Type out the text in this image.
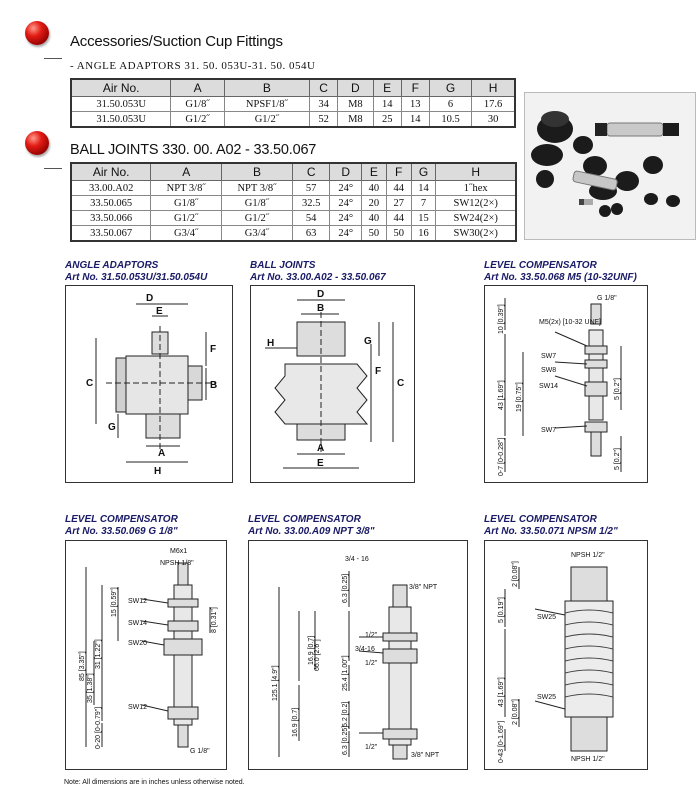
Accessories/Suction Cup Fittings
- ANGLE ADAPTORS 31. 50. 053U-31. 50. 054U
Air No.	A	B	C	D	E	F	G	H
31.50.053U	G1/8˝	NPSF1/8˝	34	M8	14	13	6	17.6
31.50.053U	G1/2˝	G1/2˝	52	M8	25	14	10.5	30
BALL JOINTS 330. 00. A02 - 33.50.067
Air No.	A	B	C	D	E	F	G	H
33.00.A02	NPT 3/8˝	NPT 3/8˝	57	24°	40	44	14	1˝hex
33.50.065	G1/8˝	G1/8˝	32.5	24°	20	27	7	SW12(2×)
33.50.066	G1/2˝	G1/2˝	54	24°	40	44	15	SW24(2×)
33.50.067	G3/4˝	G3/4˝	63	24°	50	50	16	SW30(2×)
ANGLE ADAPTORS
Art No. 31.50.053U/31.50.054U
BALL JOINTS
Art No. 33.00.A02 - 33.50.067
LEVEL COMPENSATOR
Art No. 33.50.068 M5 (10-32UNF)
LEVEL COMPENSATOR
Art No. 33.50.069 G 1/8"
LEVEL COMPENSATOR
Art No. 33.00.A09 NPT 3/8"
LEVEL COMPENSATOR
Art No. 33.50.071 NPSM 1/2"
D
E
F
C	B
G
A
H
D
B
G
H
C
F
A
E
G 1/8"
M5(2x) [10-32 UNF]
SW7
SW8
SW14
SW7
10 [0.39"]
43 [1.69"] 19 [0.75"]
0-7 [0-0.28"]
5 [0.2"]
5 [0.2"]
M6x1
NPSH 1/8"
SW12
SW14
SW20
SW12
G 1/8"
15 [0.59"]
8 [0.31"]
31 [1.22"]
35 [1.38"]
85 [3.35"]
0-20 [0-0.79"]
3/4 - 16
3/8" NPT
1/2"
3/4-16
1/2"
1/2"
3/8" NPT
6.3 [0.25]
16.9 [0.7] 66.0 [2.6"]
25.4 [1.00"]
5.2 [0.2]
125.1 [4.9"]
16.9 [0.7]
6.3 [0.25]
NPSH 1/2"
SW25
SW25
NPSH 1/2"
2 [0.08"]
5 [0.19"]
43 [1.69"]
2 [0.08"]
0-43 [0-1.69"]
Note: All dimensions are in inches unless otherwise noted.
